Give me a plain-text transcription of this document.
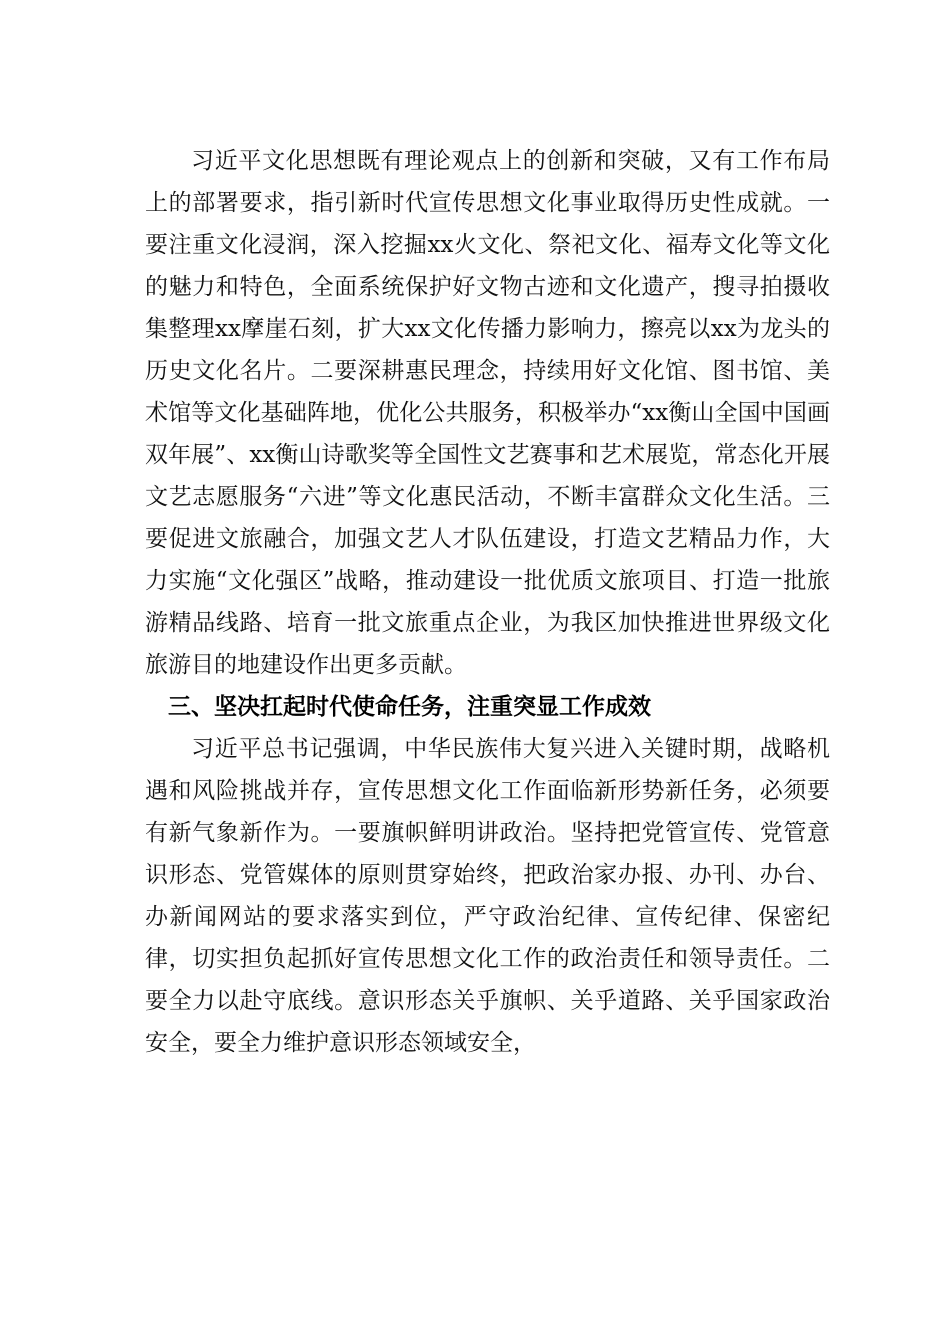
习近平文化思想既有理论观点上的创新和突破，又有工作布局上的部署要求，指引新时代宣传思想文化事业取得历史性成就。一要注重文化浸润，深入挖掘xx火文化、祭祀文化、福寿文化等文化的魅力和特色，全面系统保护好文物古迹和文化遗产，搜寻拍摄收集整理xx摩崖石刻，扩大xx文化传播力影响力，擦亮以xx为龙头的历史文化名片。二要深耕惠民理念，持续用好文化馆、图书馆、美术馆等文化基础阵地，优化公共服务，积极举办“xx衡山全国中国画双年展”、xx衡山诗歌奖等全国性文艺赛事和艺术展览，常态化开展文艺志愿服务“六进”等文化惠民活动，不断丰富群众文化生活。三要促进文旅融合，加强文艺人才队伍建设，打造文艺精品力作，大力实施“文化强区”战略，推动建设一批优质文旅项目、打造一批旅游精品线路、培育一批文旅重点企业，为我区加快推进世界级文化旅游目的地建设作出更多贡献。

三、坚决扛起时代使命任务，注重突显工作成效

习近平总书记强调，中华民族伟大复兴进入关键时期，战略机遇和风险挑战并存，宣传思想文化工作面临新形势新任务，必须要有新气象新作为。一要旗帜鲜明讲政治。坚持把党管宣传、党管意识形态、党管媒体的原则贯穿始终，把政治家办报、办刊、办台、办新闻网站的要求落实到位，严守政治纪律、宣传纪律、保密纪律，切实担负起抓好宣传思想文化工作的政治责任和领导责任。二要全力以赴守底线。意识形态关乎旗帜、关乎道路、关乎国家政治安全，要全力维护意识形态领域安全，
